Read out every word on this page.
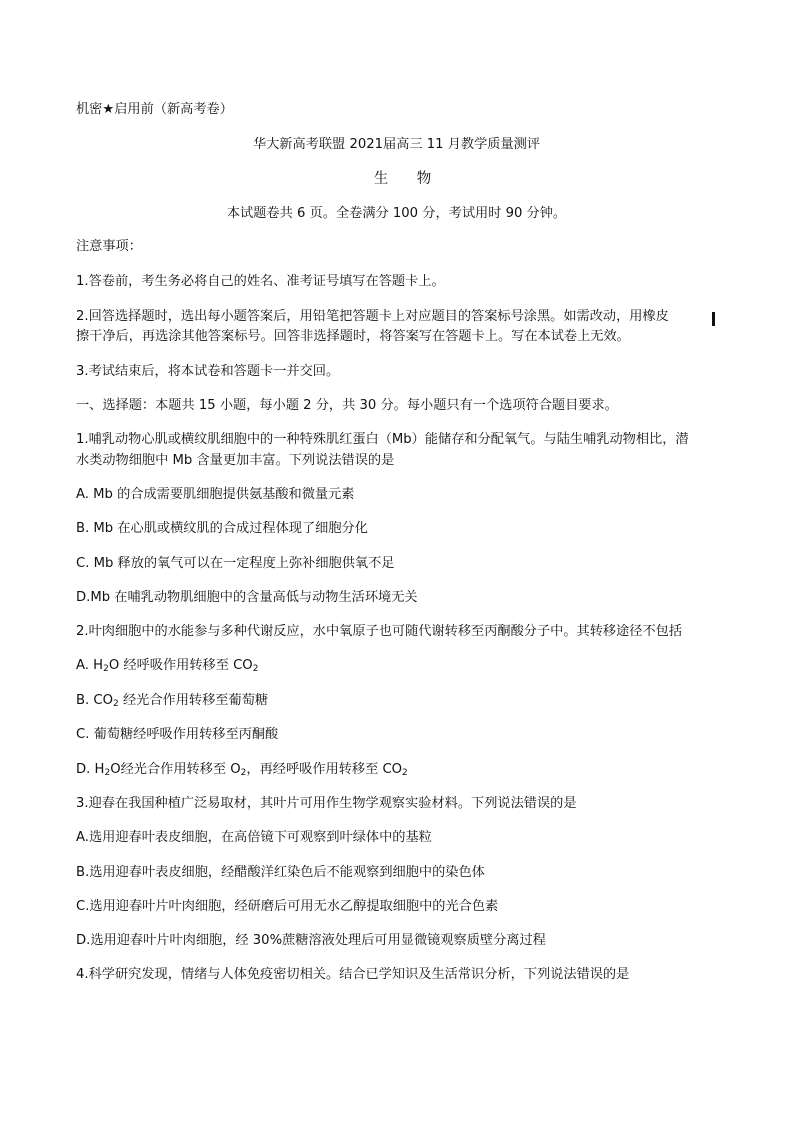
机密★启用前（新高考卷）
华大新高考联盟 2021届高三 11 月教学质量测评
生 物
本试题卷共 6 页。全卷满分 100 分，考试用时 90 分钟。
注意事项：
1.答卷前，考生务必将自己的姓名、准考证号填写在答题卡上。
2.回答选择题时，选出每小题答案后，用铅笔把答题卡上对应题目的答案标号涂黑。如需改动，用橡皮
擦干净后，再选涂其他答案标号。回答非选择题时，将答案写在答题卡上。写在本试卷上无效。
3.考试结束后，将本试卷和答题卡一并交回。
一、选择题：本题共 15 小题，每小题 2 分，共 30 分。每小题只有一个选项符合题目要求。
1.哺乳动物心肌或横纹肌细胞中的一种特殊肌红蛋白（Mb）能储存和分配氧气。与陆生哺乳动物相比，潜
水类动物细胞中 Mb 含量更加丰富。下列说法错误的是
A. Mb 的合成需要肌细胞提供氨基酸和微量元素
B. Mb 在心肌或横纹肌的合成过程体现了细胞分化
C. Mb 释放的氧气可以在一定程度上弥补细胞供氧不足
D.Mb 在哺乳动物肌细胞中的含量高低与动物生活环境无关
2.叶肉细胞中的水能参与多种代谢反应，水中氧原子也可随代谢转移至丙酮酸分子中。其转移途径不包括
A. $H_2O$ 经呼吸作用转移至 $CO_2$
B. $CO_2$ 经光合作用转移至葡萄糖
C. 葡萄糖经呼吸作用转移至丙酮酸
D. $H_2O$经光合作用转移至 $O_2$，再经呼吸作用转移至 $CO_2$
3.迎春在我国种植广泛易取材，其叶片可用作生物学观察实验材料。下列说法错误的是
A.选用迎春叶表皮细胞，在高倍镜下可观察到叶绿体中的基粒
B.选用迎春叶表皮细胞，经醋酸洋红染色后不能观察到细胞中的染色体
C.选用迎春叶片叶肉细胞，经研磨后可用无水乙醇提取细胞中的光合色素
D.选用迎春叶片叶肉细胞，经 30%蔗糖溶液处理后可用显微镜观察质壁分离过程
4.科学研究发现，情绪与人体免疫密切相关。结合已学知识及生活常识分析，下列说法错误的是
